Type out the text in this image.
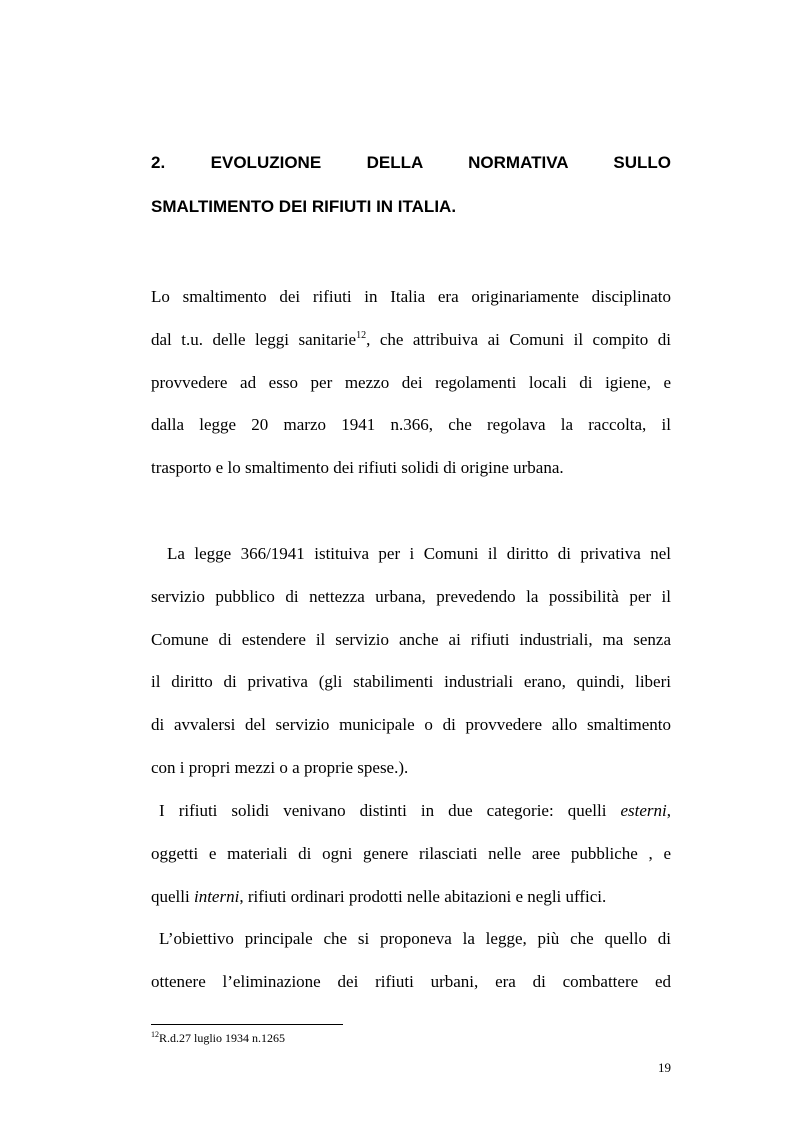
2.	EVOLUZIONE	DELLA	NORMATIVA	SULLO
SMALTIMENTO DEI RIFIUTI IN ITALIA.
Lo smaltimento dei rifiuti in Italia era originariamente disciplinato
dal t.u. delle leggi sanitarie$^{12}$, che attribuiva ai Comuni il compito di
provvedere ad esso per mezzo dei regolamenti locali di igiene, e
dalla legge 20 marzo 1941 n.366, che regolava la raccolta, il
trasporto e lo smaltimento dei rifiuti solidi di origine urbana.
La legge 366/1941 istituiva per i Comuni il diritto di privativa nel
servizio pubblico di nettezza urbana, prevedendo la possibilità per il
Comune di estendere il servizio anche ai rifiuti industriali, ma senza
il diritto di privativa (gli stabilimenti industriali erano, quindi, liberi
di avvalersi del servizio municipale o di provvedere allo smaltimento
con i propri mezzi o a proprie spese.).
I rifiuti solidi venivano distinti in due categorie: quelli esterni,
oggetti e materiali di ogni genere rilasciati nelle aree pubbliche , e
quelli interni, rifiuti ordinari prodotti nelle abitazioni e negli uffici.
L’obiettivo principale che si proponeva la legge, più che quello di
ottenere l’eliminazione dei rifiuti urbani, era di combattere ed
$^{12}$R.d.27 luglio 1934 n.1265
19
